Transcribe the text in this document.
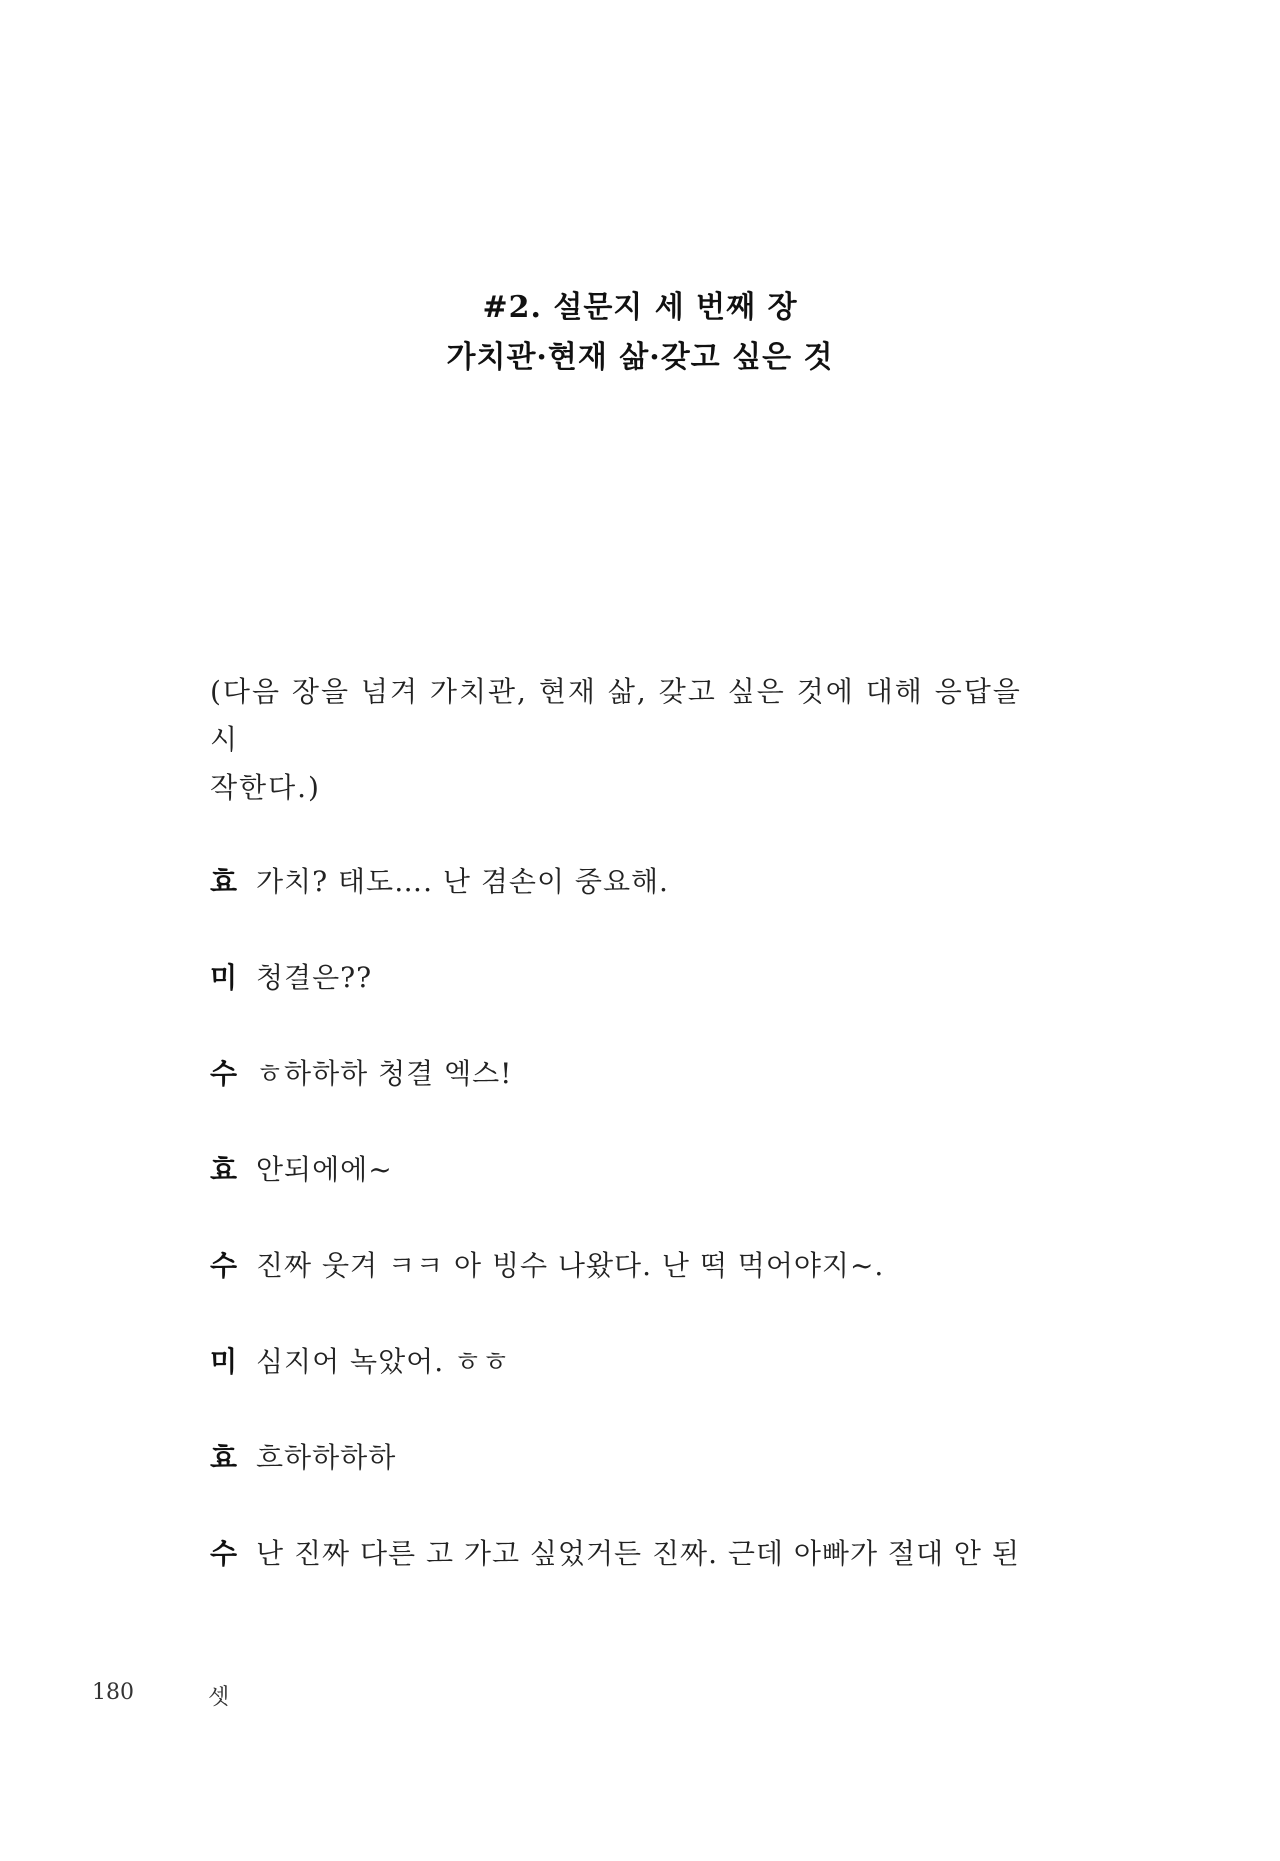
#2. 설문지 세 번째 장
가치관·현재 삶·갖고 싶은 것
(다음 장을 넘겨 가치관, 현재 삶, 갖고 싶은 것에 대해 응답을 시
작한다.)
효 가치? 태도…. 난 겸손이 중요해.
미 청결은??
수 ㅎ하하하 청결 엑스!
효 안되에에~
수 진짜 웃겨 ㅋㅋ 아 빙수 나왔다. 난 떡 먹어야지~.
미 심지어 녹았어. ㅎㅎ
효 흐하하하하
수 난 진짜 다른 고 가고 싶었거든 진짜. 근데 아빠가 절대 안 된
180	셋
